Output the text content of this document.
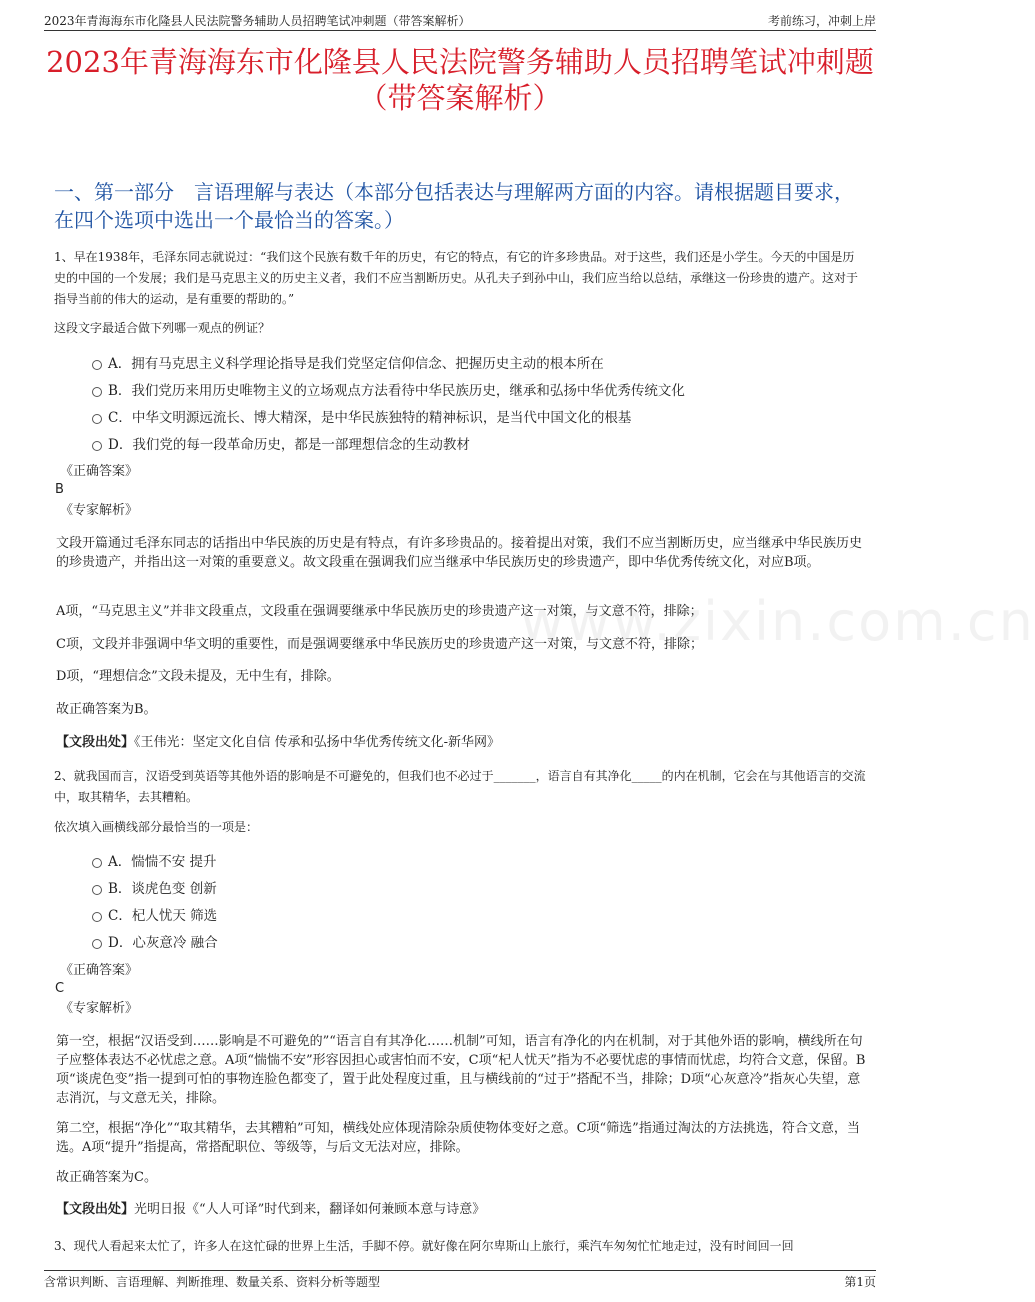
2023年青海海东市化隆县人民法院警务辅助人员招聘笔试冲刺题（带答案解析）	考前练习，冲刺上岸
2023年青海海东市化隆县人民法院警务辅助人员招聘笔试冲刺题（带答案解析）
一、第一部分　言语理解与表达（本部分包括表达与理解两方面的内容。请根据题目要求，在四个选项中选出一个最恰当的答案。）
www.zixin.com.cn
1、早在1938年，毛泽东同志就说过：“我们这个民族有数千年的历史，有它的特点，有它的许多珍贵品。对于这些，我们还是小学生。今天的中国是历史的中国的一个发展；我们是马克思主义的历史主义者，我们不应当割断历史。从孔夫子到孙中山，我们应当给以总结，承继这一份珍贵的遗产。这对于指导当前的伟大的运动，是有重要的帮助的。”
这段文字最适合做下列哪一观点的例证？
A．拥有马克思主义科学理论指导是我们党坚定信仰信念、把握历史主动的根本所在
B．我们党历来用历史唯物主义的立场观点方法看待中华民族历史，继承和弘扬中华优秀传统文化
C．中华文明源远流长、博大精深，是中华民族独特的精神标识，是当代中国文化的根基
D．我们党的每一段革命历史，都是一部理想信念的生动教材
《正确答案》
B
《专家解析》
文段开篇通过毛泽东同志的话指出中华民族的历史是有特点，有许多珍贵品的。接着提出对策，我们不应当割断历史，应当继承中华民族历史的珍贵遗产，并指出这一对策的重要意义。故文段重在强调我们应当继承中华民族历史的珍贵遗产，即中华优秀传统文化，对应B项。
A项，“马克思主义”并非文段重点，文段重在强调要继承中华民族历史的珍贵遗产这一对策，与文意不符，排除；
C项，文段并非强调中华文明的重要性，而是强调要继承中华民族历史的珍贵遗产这一对策，与文意不符，排除；
D项，“理想信念”文段未提及，无中生有，排除。
故正确答案为B。
【文段出处】《王伟光：坚定文化自信 传承和弘扬中华优秀传统文化-新华网》
2、就我国而言，汉语受到英语等其他外语的影响是不可避免的，但我们也不必过于_______，语言自有其净化_____的内在机制，它会在与其他语言的交流中，取其精华，去其糟粕。
依次填入画横线部分最恰当的一项是：
A．惴惴不安 提升
B．谈虎色变 创新
C．杞人忧天 筛选
D．心灰意冷 融合
《正确答案》
C
《专家解析》
第一空，根据“汉语受到……影响是不可避免的”“语言自有其净化……机制”可知，语言有净化的内在机制，对于其他外语的影响，横线所在句子应整体表达不必忧虑之意。A项“惴惴不安”形容因担心或害怕而不安，C项“杞人忧天”指为不必要忧虑的事情而忧虑，均符合文意，保留。B项“谈虎色变”指一提到可怕的事物连脸色都变了，置于此处程度过重，且与横线前的“过于”搭配不当，排除；D项“心灰意冷”指灰心失望，意志消沉，与文意无关，排除。
第二空，根据“净化”“取其精华，去其糟粕”可知，横线处应体现清除杂质使物体变好之意。C项“筛选”指通过淘汰的方法挑选，符合文意，当选。A项“提升”指提高，常搭配职位、等级等，与后文无法对应，排除。
故正确答案为C。
【文段出处】光明日报《“人人可译”时代到来，翻译如何兼顾本意与诗意》
3、现代人看起来太忙了，许多人在这忙碌的世界上生活，手脚不停。就好像在阿尔卑斯山上旅行，乘汽车匆匆忙忙地走过，没有时间回一回
含常识判断、言语理解、判断推理、数量关系、资料分析等题型	第1页
